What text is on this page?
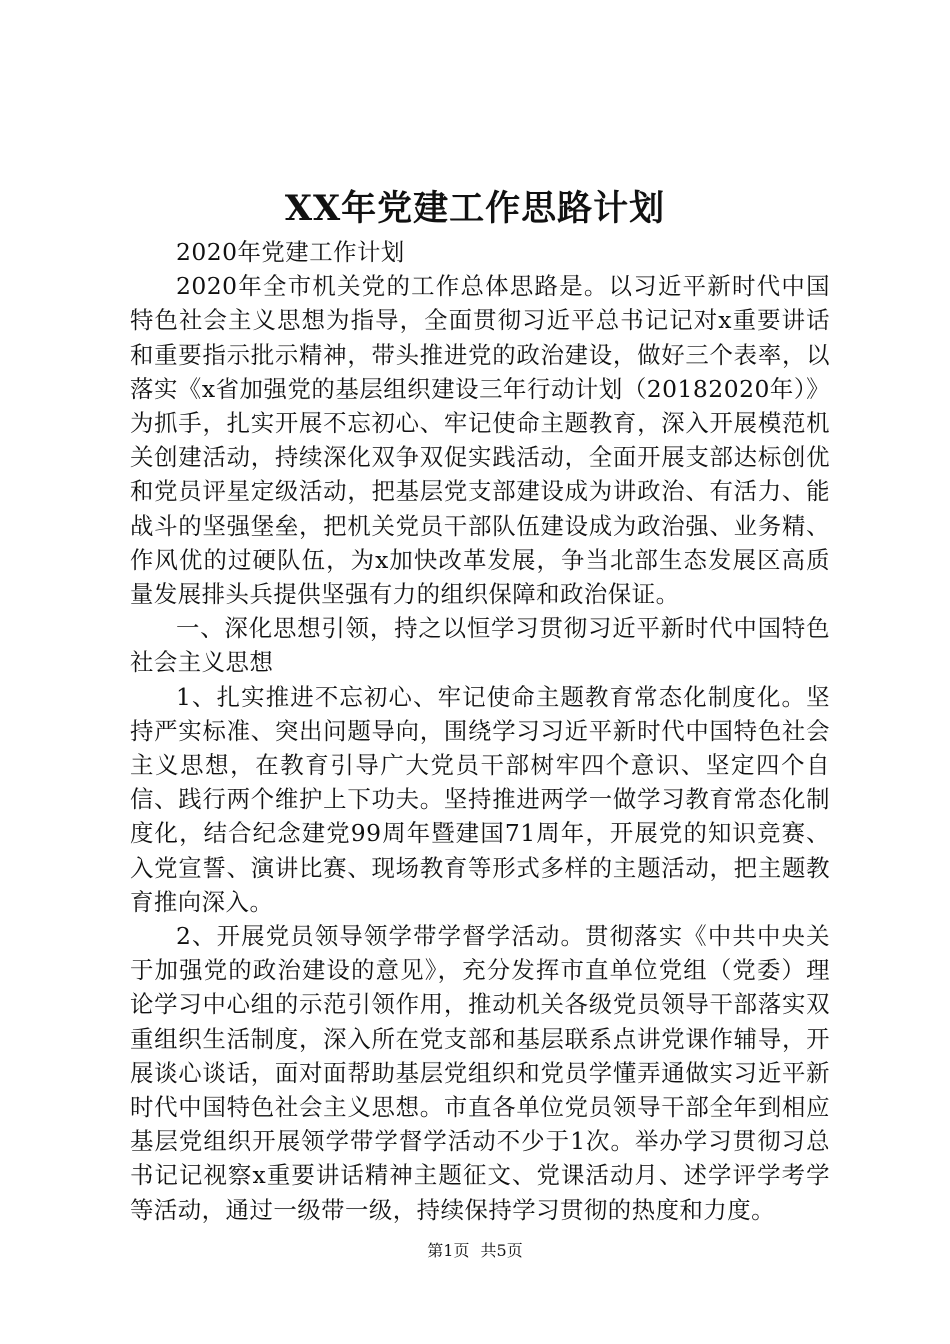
XX年党建工作思路计划

2020年党建工作计划

2020年全市机关党的工作总体思路是。以习近平新时代中国特色社会主义思想为指导，全面贯彻习近平总书记记对x重要讲话和重要指示批示精神，带头推进党的政治建设，做好三个表率，以落实《x省加强党的基层组织建设三年行动计划（20182020年）》为抓手，扎实开展不忘初心、牢记使命主题教育，深入开展模范机关创建活动，持续深化双争双促实践活动，全面开展支部达标创优和党员评星定级活动，把基层党支部建设成为讲政治、有活力、能战斗的坚强堡垒，把机关党员干部队伍建设成为政治强、业务精、作风优的过硬队伍，为x加快改革发展，争当北部生态发展区高质量发展排头兵提供坚强有力的组织保障和政治保证。

一、深化思想引领，持之以恒学习贯彻习近平新时代中国特色社会主义思想

1、扎实推进不忘初心、牢记使命主题教育常态化制度化。坚持严实标准、突出问题导向，围绕学习习近平新时代中国特色社会主义思想，在教育引导广大党员干部树牢四个意识、坚定四个自信、践行两个维护上下功夫。坚持推进两学一做学习教育常态化制度化，结合纪念建党99周年暨建国71周年，开展党的知识竞赛、入党宣誓、演讲比赛、现场教育等形式多样的主题活动，把主题教育推向深入。

2、开展党员领导领学带学督学活动。贯彻落实《中共中央关于加强党的政治建设的意见》，充分发挥市直单位党组（党委）理论学习中心组的示范引领作用，推动机关各级党员领导干部落实双重组织生活制度，深入所在党支部和基层联系点讲党课作辅导，开展谈心谈话，面对面帮助基层党组织和党员学懂弄通做实习近平新时代中国特色社会主义思想。市直各单位党员领导干部全年到相应基层党组织开展领学带学督学活动不少于1次。举办学习贯彻习总书记记视察x重要讲话精神主题征文、党课活动月、述学评学考学等活动，通过一级带一级，持续保持学习贯彻的热度和力度。

第1页 共5页
